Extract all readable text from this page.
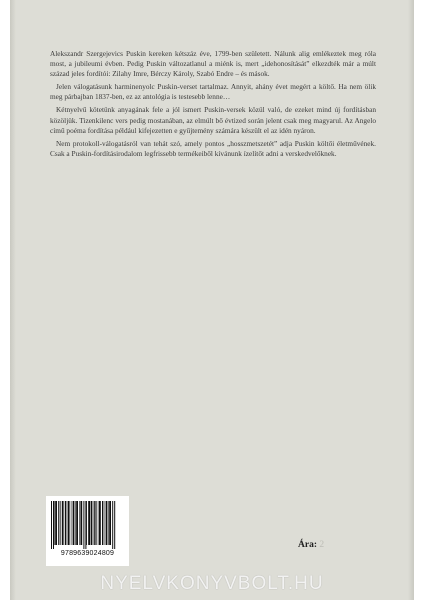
Alekszandr Szergejevics Puskin kereken kétszáz éve, 1799-ben született. Nálunk alig emlékeztek meg róla most, a jubileumi évben. Pedig Puskin változatlanul a miénk is, mert „idehonosítását” elkezdték már a múlt század jeles fordítói: Zilahy Imre, Bérczy Károly, Szabó Endre – és mások.

Jelen válogatásunk harminenyolc Puskin-verset tartalmaz. Annyit, ahány évet megért a költő. Ha nem ölik meg párbajban 1837-ben, ez az antológia is testesebb lenne…

Kétnyelvű kötetünk anyagának fele a jól ismert Puskin-versek közül való, de ezeket mind új fordításban közöljük. Tizenkilenc vers pedig mostanában, az elmúlt bő évtized során jelent csak meg magyarul. Az Angelo című poéma fordítása például kifejezetten e gyűjtemény számára készült el az idén nyáron.

Nem protokoll-válogatásról van tehát szó, amely pontos „hosszmetszetét” adja Puskin költői életművének. Csak a Puskin-fordításirodalom legfrissebb termékeiből kívánunk ízelítőt adni a verskedvelőknek.

9789639024809
Ára: 2
NYELVKONYVBOLT.HU
